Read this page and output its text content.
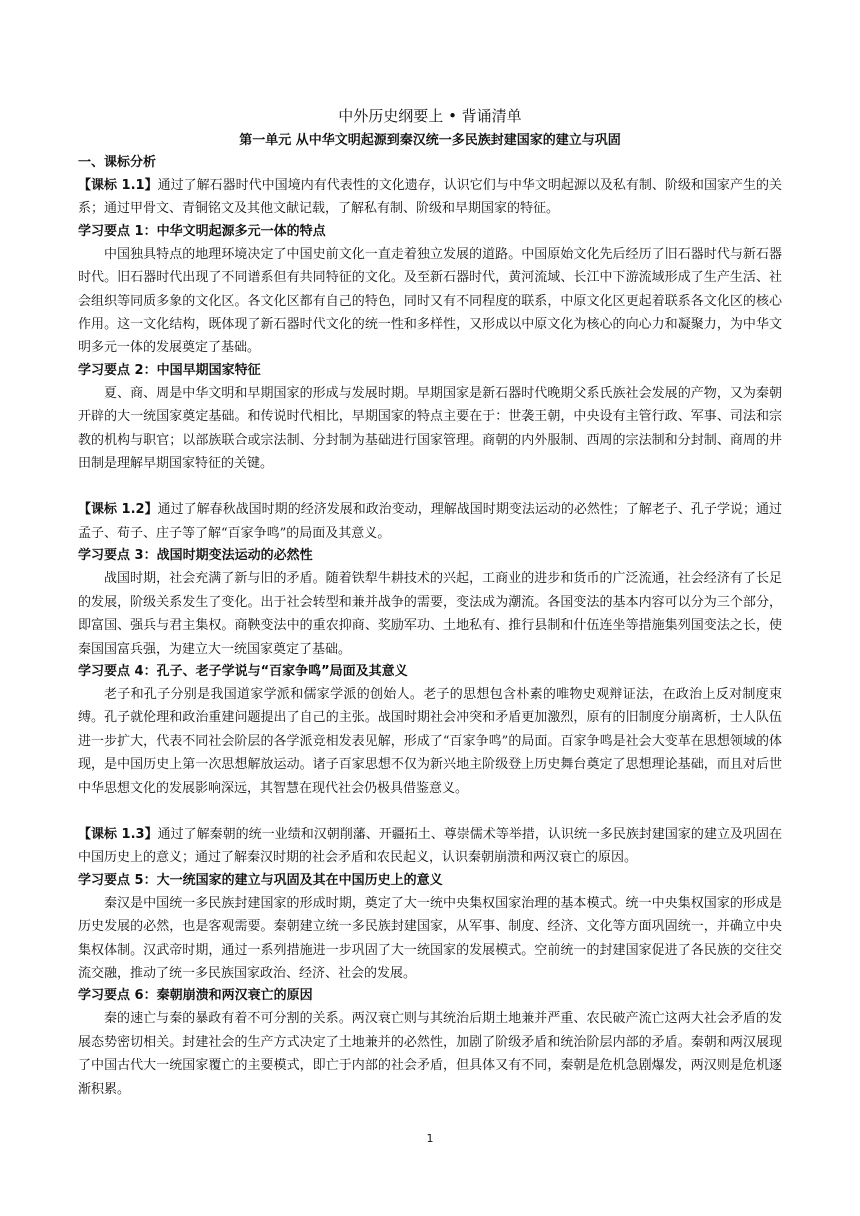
中外历史纲要上 • 背诵清单
第一单元 从中华文明起源到秦汉统一多民族封建国家的建立与巩固
一、课标分析

【课标 1.1】通过了解石器时代中国境内有代表性的文化遗存，认识它们与中华文明起源以及私有制、阶级和国家产生的关系；通过甲骨文、青铜铭文及其他文献记载，了解私有制、阶级和早期国家的特征。

学习要点 1：中华文明起源多元一体的特点

中国独具特点的地理环境决定了中国史前文化一直走着独立发展的道路。中国原始文化先后经历了旧石器时代与新石器时代。旧石器时代出现了不同谱系但有共同特征的文化。及至新石器时代，黄河流域、长江中下游流域形成了生产生活、社会组织等同质多象的文化区。各文化区都有自己的特色，同时又有不同程度的联系，中原文化区更起着联系各文化区的核心作用。这一文化结构，既体现了新石器时代文化的统一性和多样性，又形成以中原文化为核心的向心力和凝聚力，为中华文明多元一体的发展奠定了基础。

学习要点 2：中国早期国家特征

夏、商、周是中华文明和早期国家的形成与发展时期。早期国家是新石器时代晚期父系氏族社会发展的产物，又为秦朝开辟的大一统国家奠定基础。和传说时代相比，早期国家的特点主要在于：世袭王朝，中央设有主管行政、军事、司法和宗教的机构与职官；以部族联合或宗法制、分封制为基础进行国家管理。商朝的内外服制、西周的宗法制和分封制、商周的井田制是理解早期国家特征的关键。

【课标 1.2】通过了解春秋战国时期的经济发展和政治变动，理解战国时期变法运动的必然性；了解老子、孔子学说；通过孟子、荀子、庄子等了解“百家争鸣”的局面及其意义。

学习要点 3：战国时期变法运动的必然性

战国时期，社会充满了新与旧的矛盾。随着铁犁牛耕技术的兴起，工商业的进步和货币的广泛流通，社会经济有了长足的发展，阶级关系发生了变化。出于社会转型和兼并战争的需要，变法成为潮流。各国变法的基本内容可以分为三个部分，即富国、强兵与君主集权。商鞅变法中的重农抑商、奖励军功、土地私有、推行县制和什伍连坐等措施集列国变法之长，使秦国国富兵强，为建立大一统国家奠定了基础。

学习要点 4：孔子、老子学说与“百家争鸣”局面及其意义

老子和孔子分别是我国道家学派和儒家学派的创始人。老子的思想包含朴素的唯物史观辩证法，在政治上反对制度束缚。孔子就伦理和政治重建问题提出了自己的主张。战国时期社会冲突和矛盾更加激烈，原有的旧制度分崩离析，士人队伍进一步扩大，代表不同社会阶层的各学派竞相发表见解，形成了“百家争鸣”的局面。百家争鸣是社会大变革在思想领域的体现，是中国历史上第一次思想解放运动。诸子百家思想不仅为新兴地主阶级登上历史舞台奠定了思想理论基础，而且对后世中华思想文化的发展影响深远，其智慧在现代社会仍极具借鉴意义。

【课标 1.3】通过了解秦朝的统一业绩和汉朝削藩、开疆拓土、尊崇儒术等举措，认识统一多民族封建国家的建立及巩固在中国历史上的意义；通过了解秦汉时期的社会矛盾和农民起义，认识秦朝崩溃和两汉衰亡的原因。

学习要点 5：大一统国家的建立与巩固及其在中国历史上的意义

秦汉是中国统一多民族封建国家的形成时期，奠定了大一统中央集权国家治理的基本模式。统一中央集权国家的形成是历史发展的必然，也是客观需要。秦朝建立统一多民族封建国家，从军事、制度、经济、文化等方面巩固统一，并确立中央集权体制。汉武帝时期，通过一系列措施进一步巩固了大一统国家的发展模式。空前统一的封建国家促进了各民族的交往交流交融，推动了统一多民族国家政治、经济、社会的发展。

学习要点 6：秦朝崩溃和两汉衰亡的原因

秦的速亡与秦的暴政有着不可分割的关系。两汉衰亡则与其统治后期土地兼并严重、农民破产流亡这两大社会矛盾的发展态势密切相关。封建社会的生产方式决定了土地兼并的必然性，加剧了阶级矛盾和统治阶层内部的矛盾。秦朝和两汉展现了中国古代大一统国家覆亡的主要模式，即亡于内部的社会矛盾，但具体又有不同，秦朝是危机急剧爆发，两汉则是危机逐渐积累。

1
